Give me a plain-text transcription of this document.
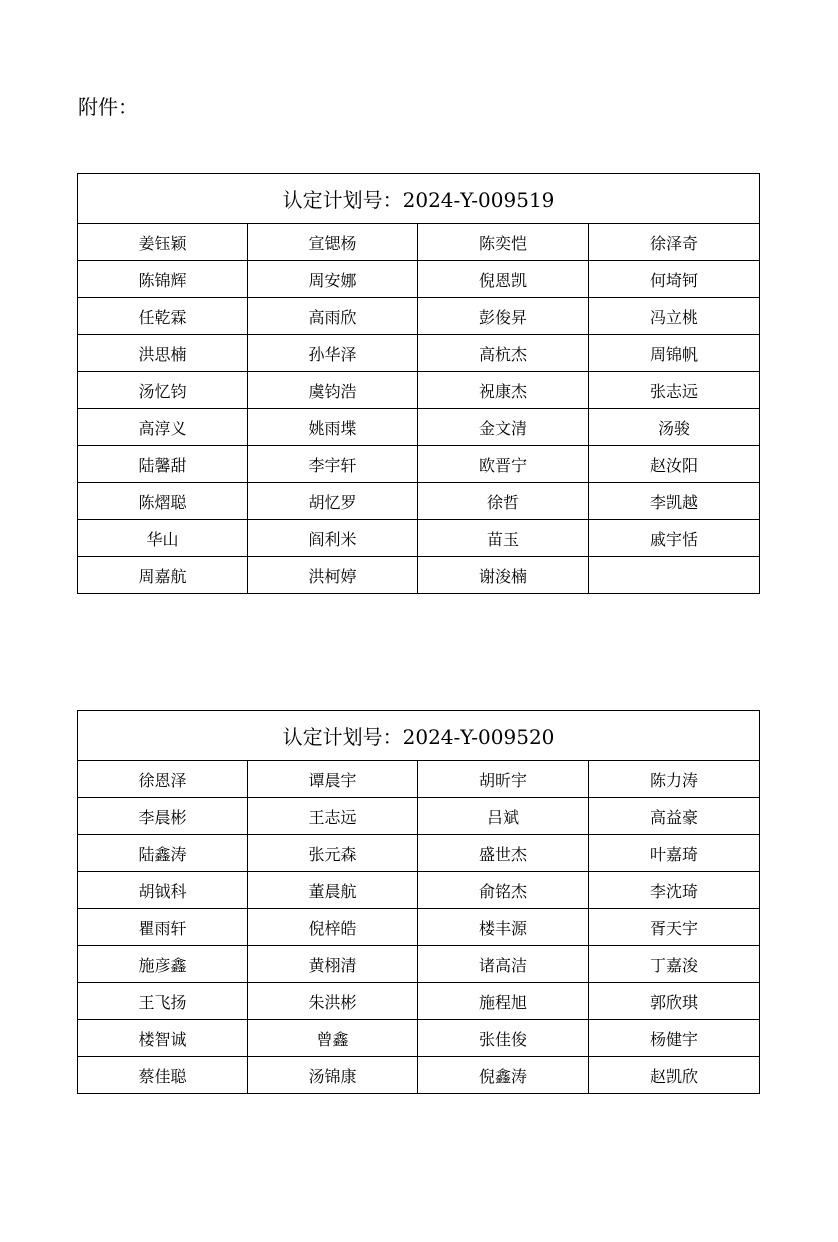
附件：
认定计划号：2024-Y-009519			
姜钰颖	宣锶杨	陈奕恺	徐泽奇
陈锦辉	周安娜	倪恩凯	何埼钶
任乾霖	高雨欣	彭俊昇	冯立桃
洪思楠	孙华泽	高杭杰	周锦帆
汤忆钧	虞钧浩	祝康杰	张志远
高淳义	姚雨堞	金文清	汤骏
陆馨甜	李宇轩	欧晋宁	赵汝阳
陈熠聪	胡忆罗	徐哲	李凯越
华山	阎利米	苗玉	戚宇恬
周嘉航	洪柯婷	谢浚楠	
认定计划号：2024-Y-009520			
徐恩泽	谭晨宇	胡昕宇	陈力涛
李晨彬	王志远	吕斌	高益豪
陆鑫涛	张元森	盛世杰	叶嘉琦
胡钺科	董晨航	俞铭杰	李沈琦
瞿雨轩	倪梓皓	楼丰源	胥天宇
施彦鑫	黄栩清	诸高洁	丁嘉浚
王飞扬	朱洪彬	施程旭	郭欣琪
楼智诚	曾鑫	张佳俊	杨健宇
蔡佳聪	汤锦康	倪鑫涛	赵凯欣
